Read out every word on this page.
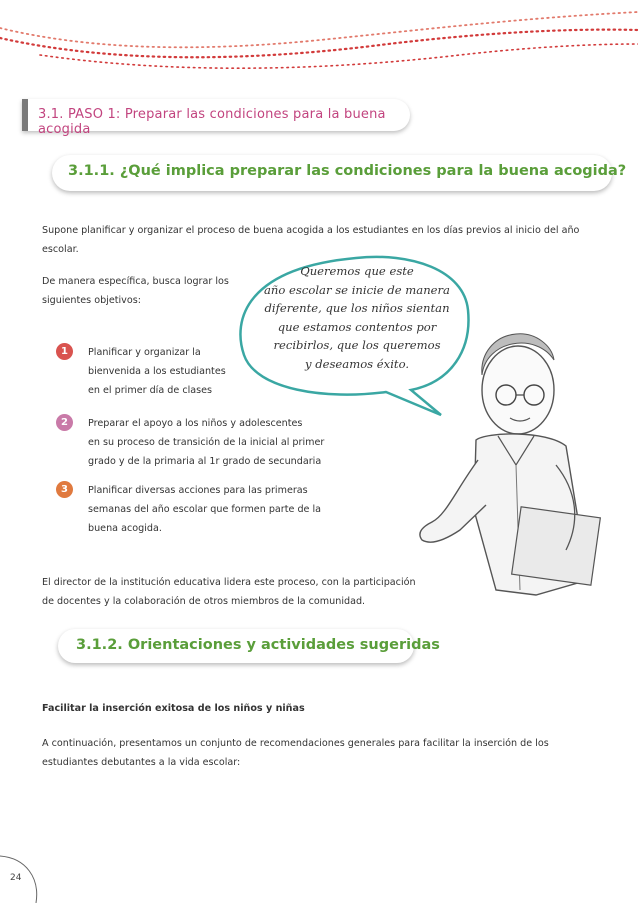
3.1. PASO 1: Preparar las condiciones para la buena acogida
3.1.1. ¿Qué implica preparar las condiciones para la buena acogida?
Supone planificar y organizar el proceso de buena acogida a los estudiantes en los días previos al inicio del año
escolar.
De manera específica, busca lograr los
siguientes objetivos:
Queremos que este
año escolar se inicie de manera
diferente, que los niños sientan
que estamos contentos por
recibirlos, que los queremos
y deseamos éxito.
1	Planificar y organizar la
bienvenida a los estudiantes
en el primer día de clases
2	Preparar el apoyo a los niños y adolescentes
en su proceso de transición de la inicial al primer
grado y de la primaria al 1r grado de secundaria
3	Planificar diversas acciones para las primeras
semanas del año escolar que formen parte de la
buena acogida.
El director de la institución educativa lidera este proceso, con la participación
de docentes y la colaboración de otros miembros de la comunidad.
3.1.2. Orientaciones y actividades sugeridas
Facilitar la inserción exitosa de los niños y niñas
A continuación, presentamos un conjunto de recomendaciones generales para facilitar la inserción de los
estudiantes debutantes a la vida escolar:
24
